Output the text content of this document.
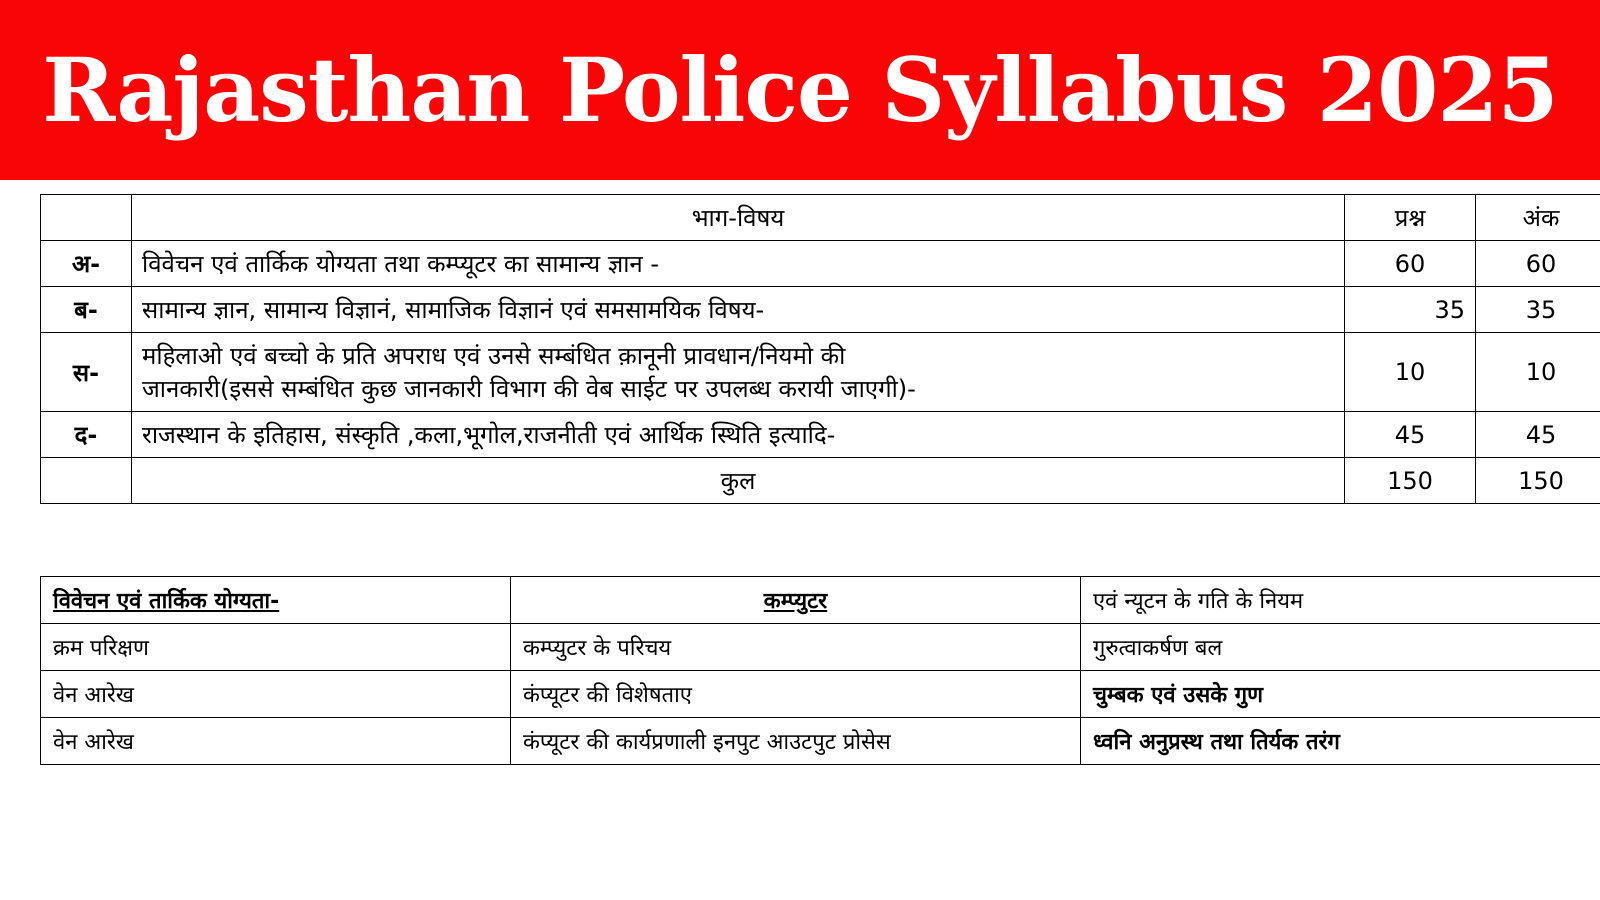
Rajasthan Police Syllabus 2025
	भाग-विषय	प्रश्न	अंक
अ-	विवेचन एवं तार्किक योग्यता तथा कम्प्यूटर का सामान्य ज्ञान -	60	60
ब-	सामान्य ज्ञान, सामान्य विज्ञानं, सामाजिक विज्ञानं एवं समसामयिक विषय-	35	35
स-	महिलाओ एवं बच्चो के प्रति अपराध एवं उनसे सम्बंधित क़ानूनी प्रावधान/नियमो की
जानकारी(इससे सम्बंधित कुछ जानकारी विभाग की वेब साईट पर उपलब्ध करायी जाएगी)-	10	10
द-	राजस्थान के इतिहास, संस्कृति ,कला,भूगोल,राजनीती एवं आर्थिक स्थिति इत्यादि-	45	45
	कुल	150	150
विवेचन एवं तार्किक योग्यता-	कम्प्युटर	एवं न्यूटन के गति के नियम
क्रम परिक्षण	कम्प्युटर के परिचय	गुरुत्वाकर्षण बल
वेन आरेख	कंप्यूटर की विशेषताए	चुम्बक एवं उसके गुण
वेन आरेख	कंप्यूटर की कार्यप्रणाली इनपुट आउटपुट प्रोसेस	ध्वनि अनुप्रस्थ तथा तिर्यक तरंग
